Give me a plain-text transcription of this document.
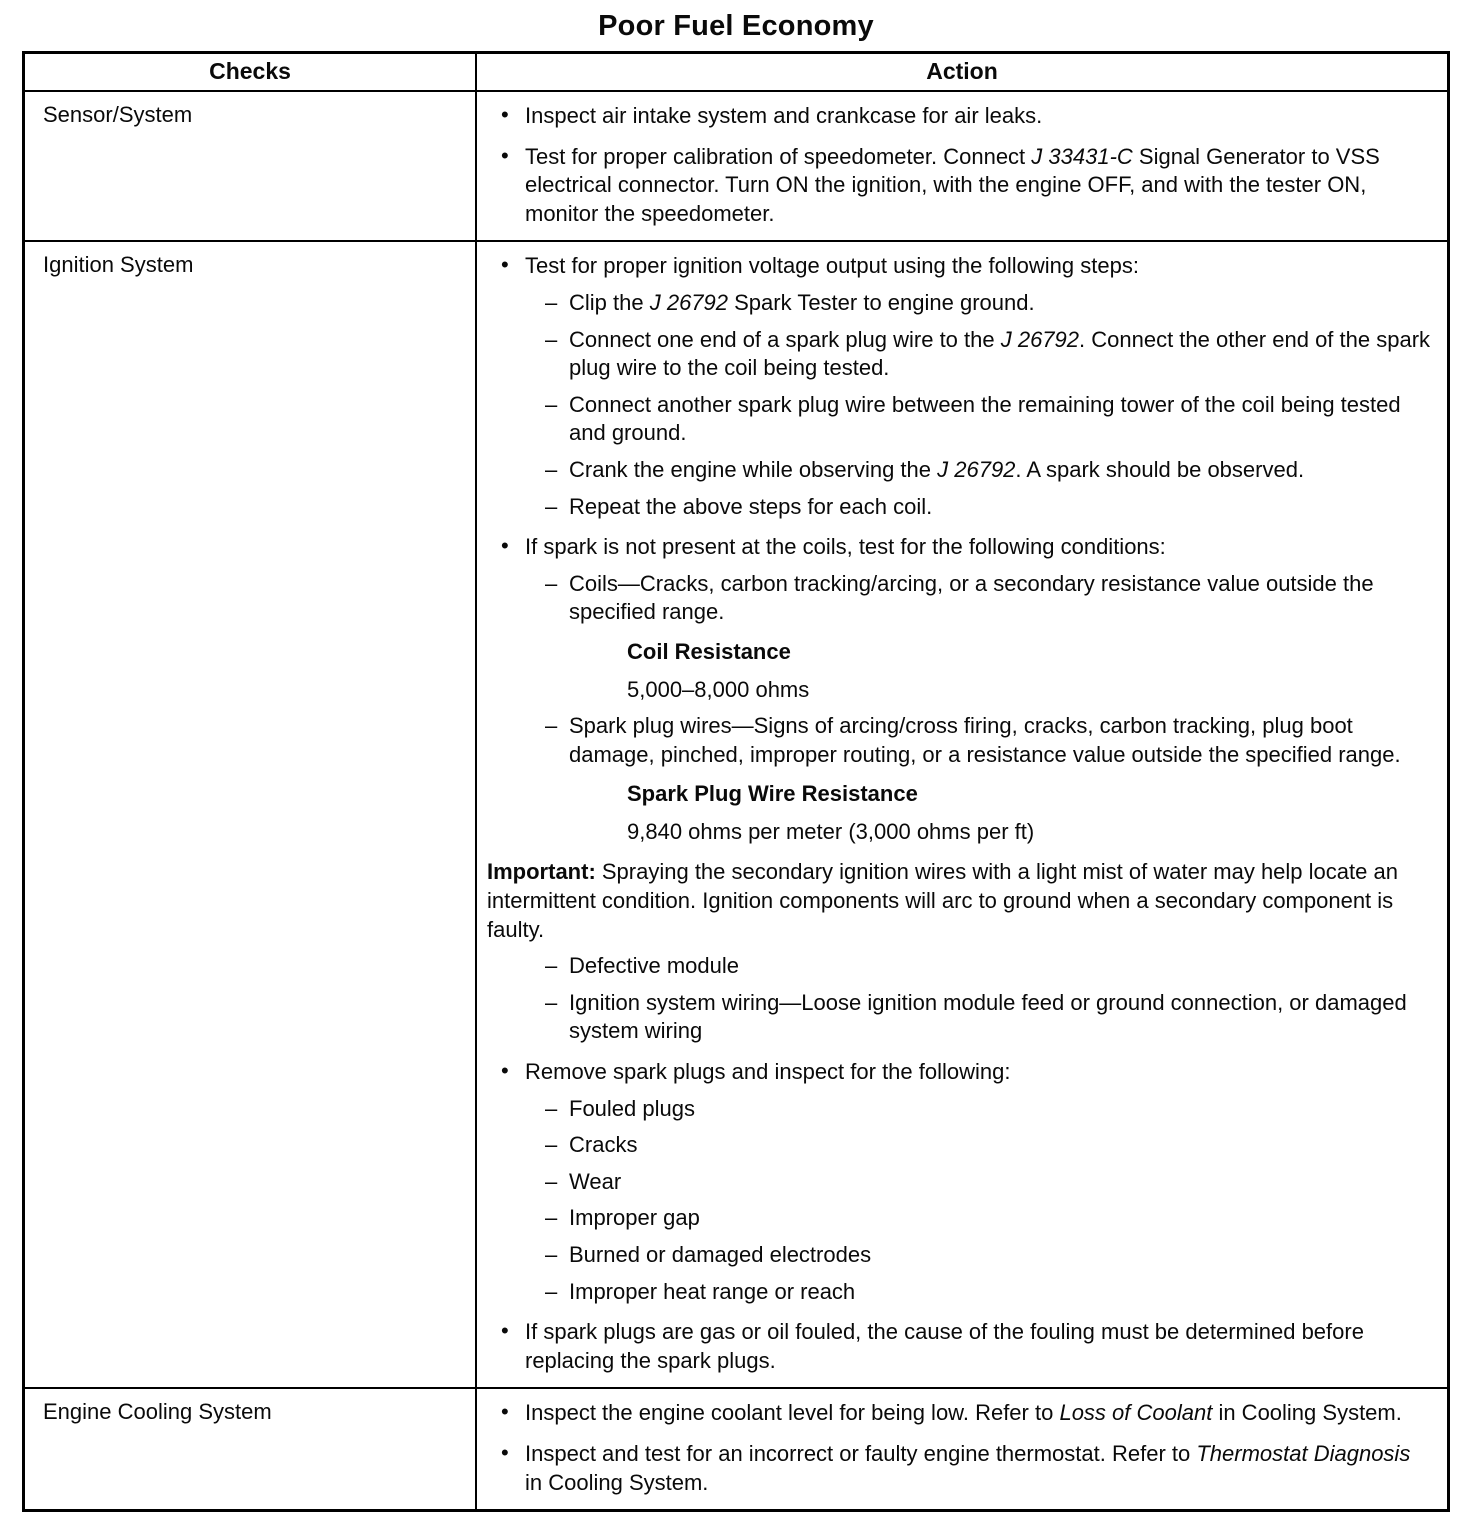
Poor Fuel Economy
Checks	Action
Sensor/System	• Inspect air intake system and crankcase for air leaks.
• Test for proper calibration of speedometer. Connect J 33431-C Signal Generator to VSS electrical connector. Turn ON the ignition, with the engine OFF, and with the tester ON, monitor the speedometer.

Ignition System	• Test for proper ignition voltage output using the following steps:
– Clip the J 26792 Spark Tester to engine ground.
– Connect one end of a spark plug wire to the J 26792. Connect the other end of the spark plug wire to the coil being tested.
– Connect another spark plug wire between the remaining tower of the coil being tested and ground.
– Crank the engine while observing the J 26792. A spark should be observed.
– Repeat the above steps for each coil.
• If spark is not present at the coils, test for the following conditions:
– Coils—Cracks, carbon tracking/arcing, or a secondary resistance value outside the specified range.
Coil Resistance
5,000–8,000 ohms
– Spark plug wires—Signs of arcing/cross firing, cracks, carbon tracking, plug boot damage, pinched, improper routing, or a resistance value outside the specified range.
Spark Plug Wire Resistance
9,840 ohms per meter (3,000 ohms per ft)
Important: Spraying the secondary ignition wires with a light mist of water may help locate an intermittent condition. Ignition components will arc to ground when a secondary component is faulty.
– Defective module
– Ignition system wiring—Loose ignition module feed or ground connection, or damaged system wiring
• Remove spark plugs and inspect for the following:
– Fouled plugs
– Cracks
– Wear
– Improper gap
– Burned or damaged electrodes
– Improper heat range or reach
• If spark plugs are gas or oil fouled, the cause of the fouling must be determined before replacing the spark plugs.

Engine Cooling System	• Inspect the engine coolant level for being low. Refer to Loss of Coolant in Cooling System.
• Inspect and test for an incorrect or faulty engine thermostat. Refer to Thermostat Diagnosis in Cooling System.
